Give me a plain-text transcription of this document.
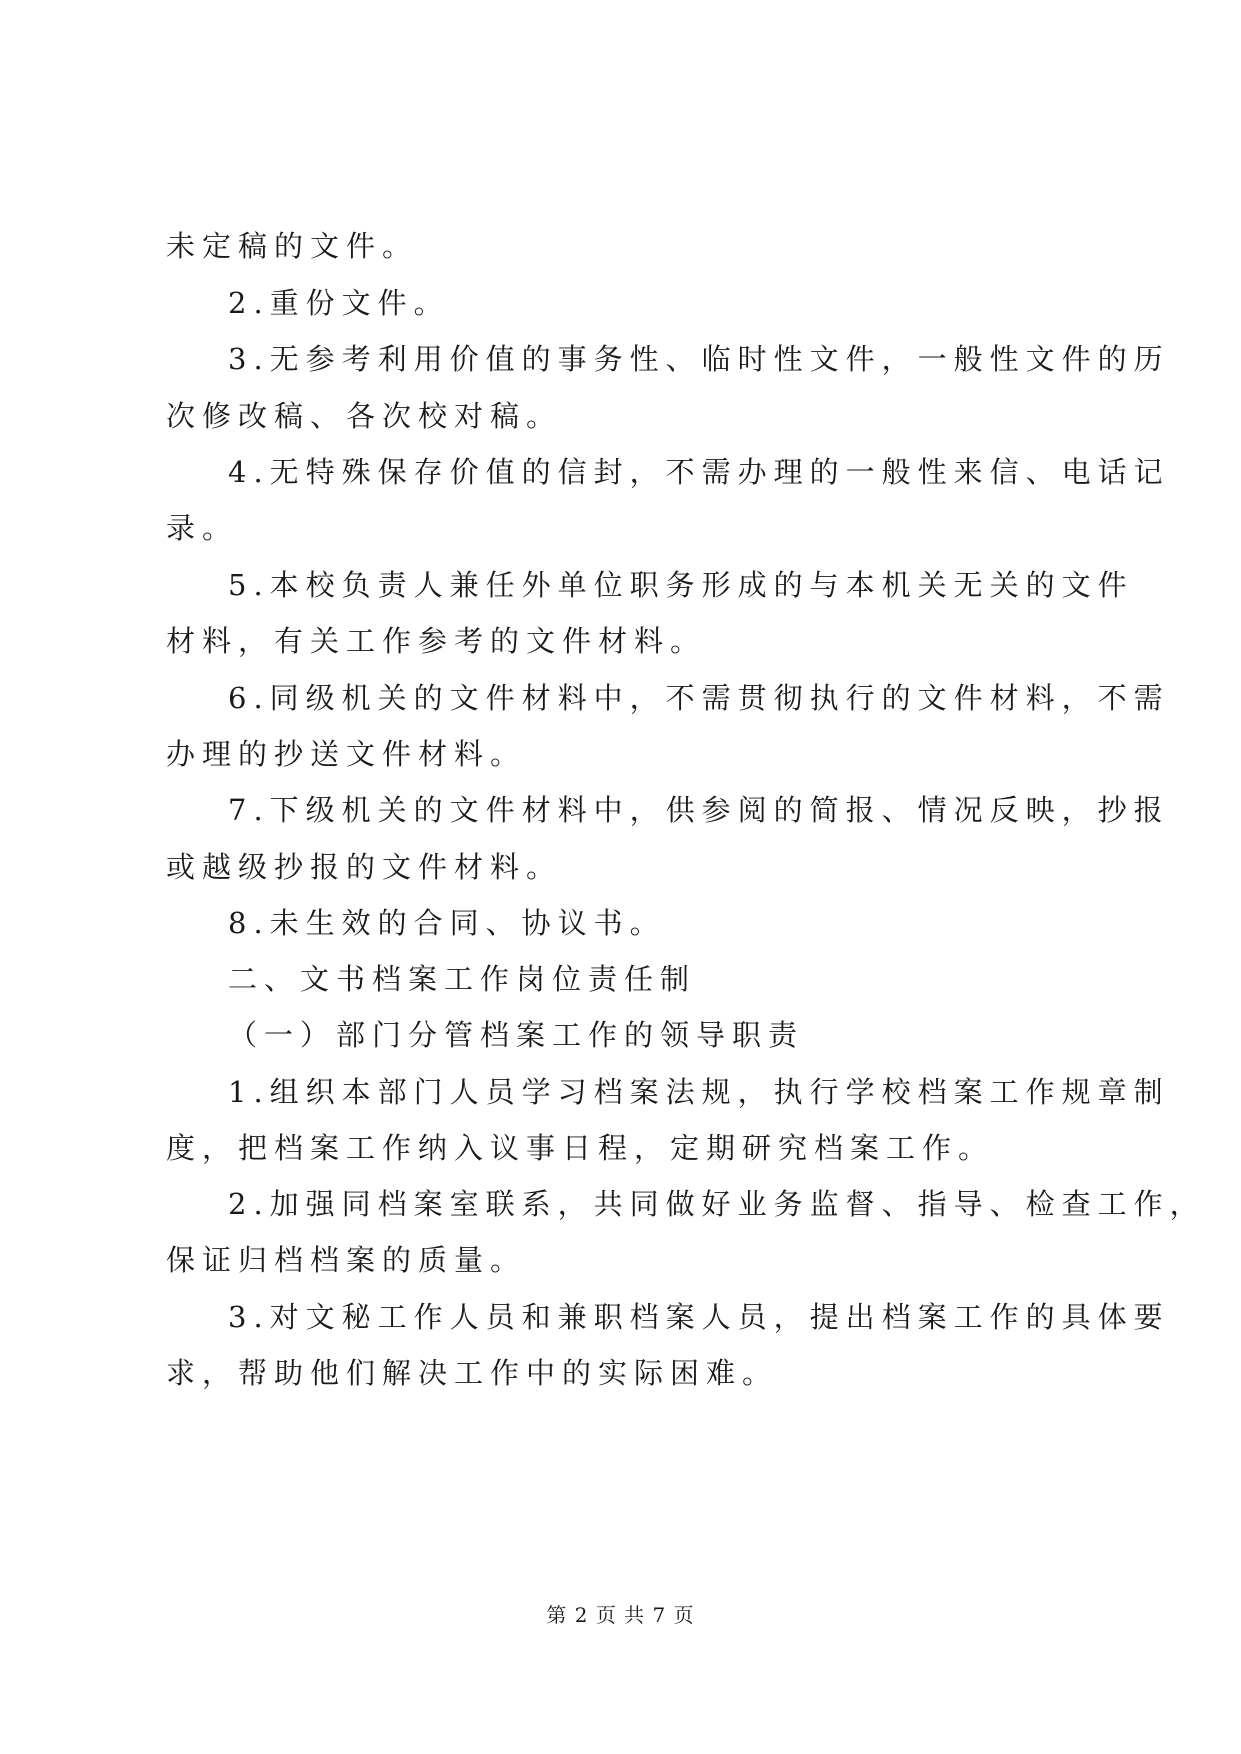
未定稿的文件。
2.重份文件。
3.无参考利用价值的事务性、临时性文件，一般性文件的历
次修改稿、各次校对稿。
4.无特殊保存价值的信封，不需办理的一般性来信、电话记
录。
5.本校负责人兼任外单位职务形成的与本机关无关的文件
材料，有关工作参考的文件材料。
6.同级机关的文件材料中，不需贯彻执行的文件材料，不需
办理的抄送文件材料。
7.下级机关的文件材料中，供参阅的简报、情况反映，抄报
或越级抄报的文件材料。
8.未生效的合同、协议书。
二、文书档案工作岗位责任制
（一）部门分管档案工作的领导职责
1.组织本部门人员学习档案法规，执行学校档案工作规章制
度，把档案工作纳入议事日程，定期研究档案工作。
2.加强同档案室联系，共同做好业务监督、指导、检查工作，
保证归档档案的质量。
3.对文秘工作人员和兼职档案人员，提出档案工作的具体要
求，帮助他们解决工作中的实际困难。
第 2 页 共 7 页
